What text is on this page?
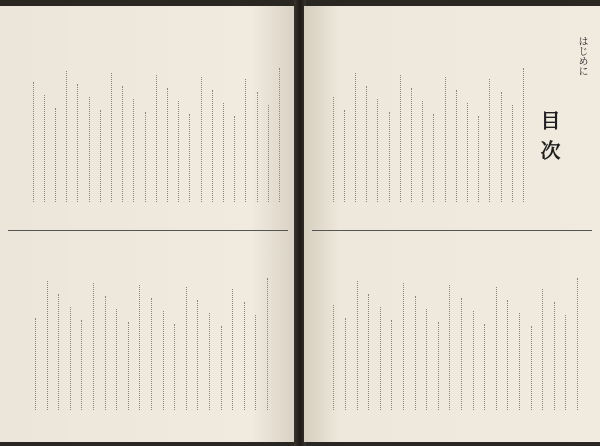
はじめに
目次
